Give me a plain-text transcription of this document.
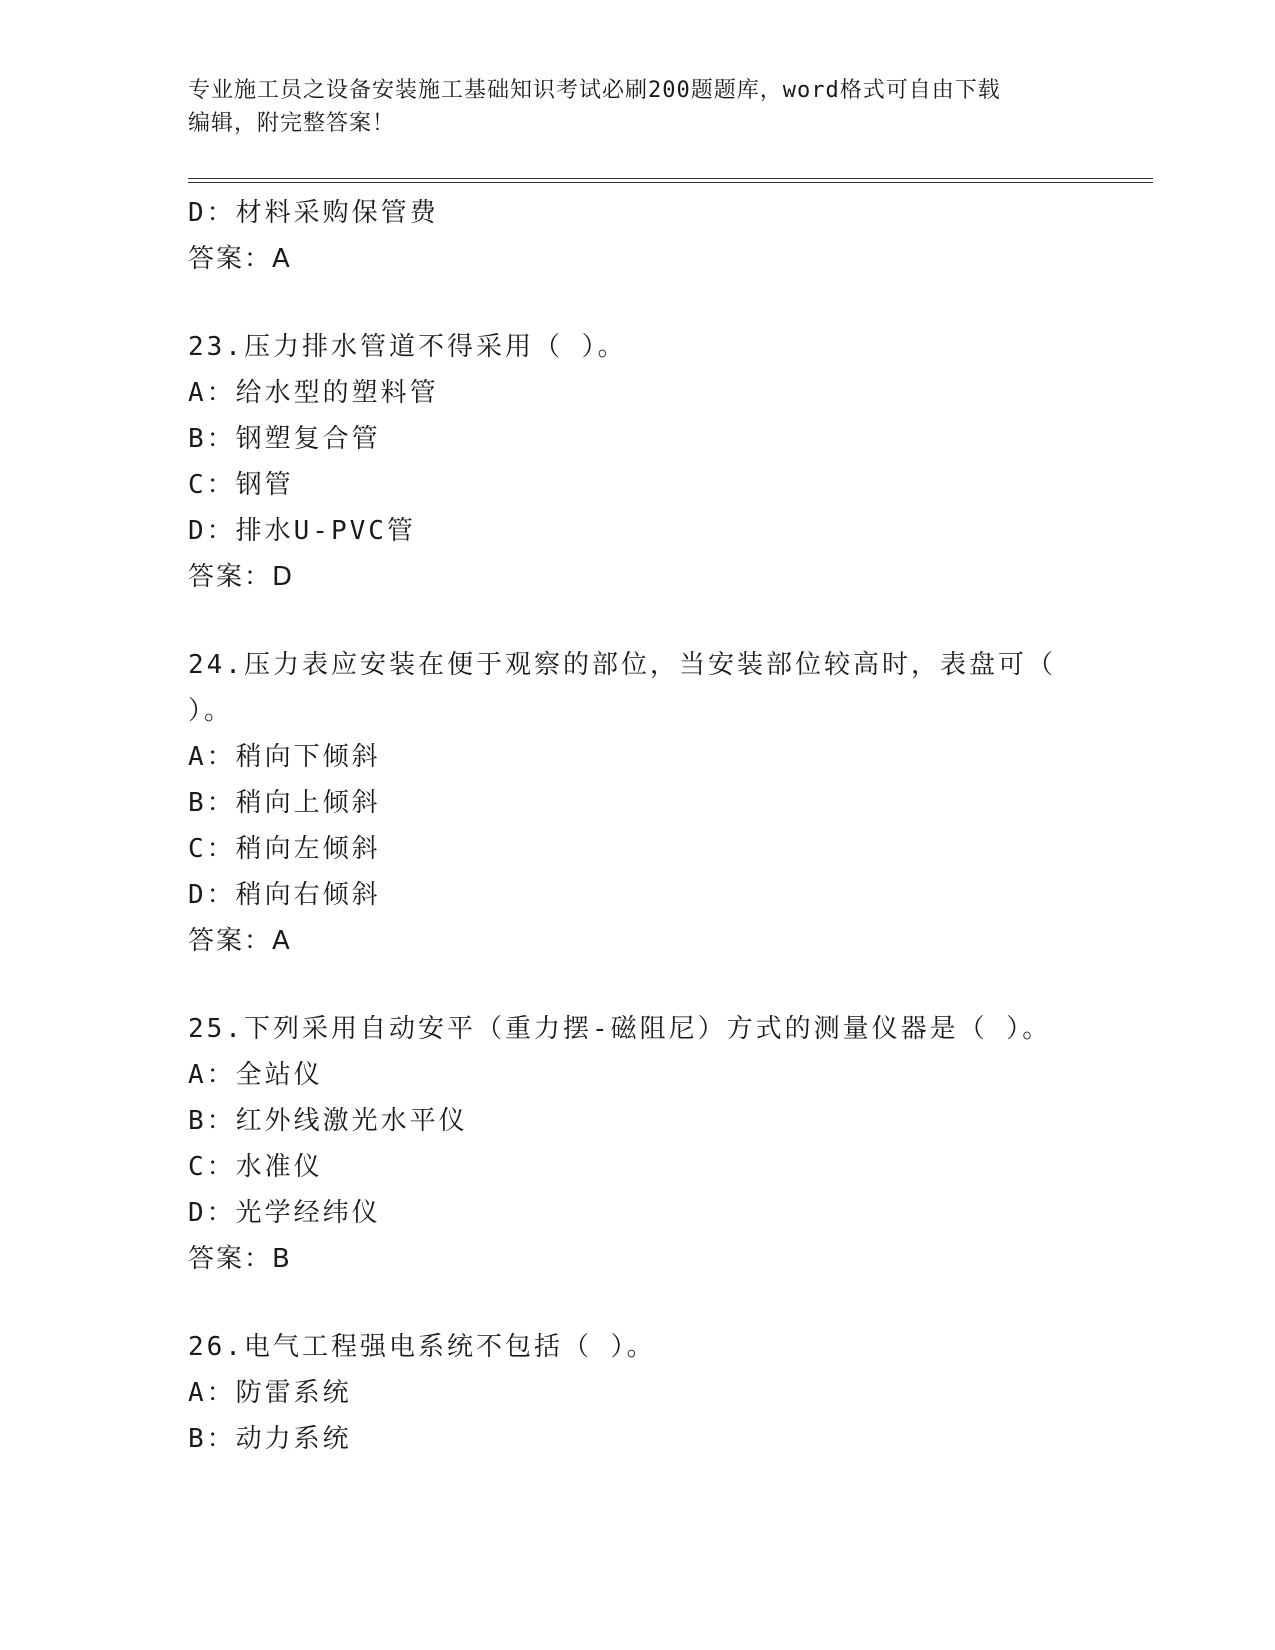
专业施工员之设备安装施工基础知识考试必刷200题题库，word格式可自由下载
编辑，附完整答案！
D：材料采购保管费
答案：A
23.压力排水管道不得采用（ ）。
A：给水型的塑料管
B：钢塑复合管
C：钢管
D：排水U-PVC管
答案：D
24.压力表应安装在便于观察的部位，当安装部位较高时，表盘可（
）。
A：稍向下倾斜
B：稍向上倾斜
C：稍向左倾斜
D：稍向右倾斜
答案：A
25.下列采用自动安平（重力摆-磁阻尼）方式的测量仪器是（ ）。
A：全站仪
B：红外线激光水平仪
C：水准仪
D：光学经纬仪
答案：B
26.电气工程强电系统不包括（ ）。
A：防雷系统
B：动力系统
